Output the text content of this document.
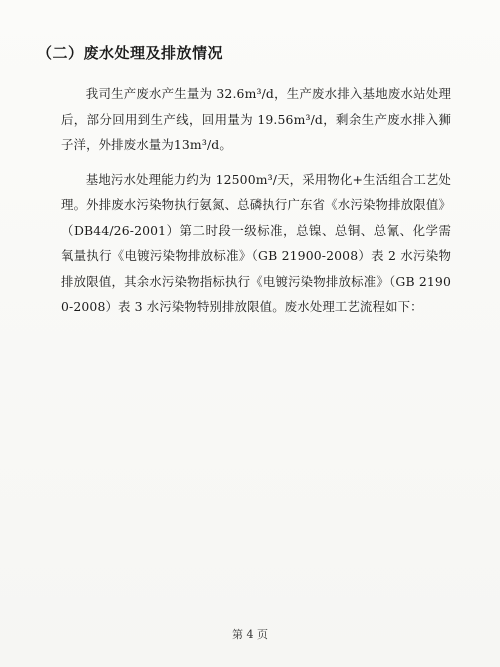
（二）废水处理及排放情况

我司生产废水产生量为 32.6m³/d，生产废水排入基地废水站处理后，部分回用到生产线，回用量为 19.56m³/d，剩余生产废水排入狮子洋，外排废水量为13m³/d。

基地污水处理能力约为 12500m³/天，采用物化+生活组合工艺处理。外排废水污染物执行氨氮、总磷执行广东省《水污染物排放限值》（DB44/26-2001）第二时段一级标准，总镍、总铜、总氰、化学需氧量执行《电镀污染物排放标准》（GB 21900-2008）表 2 水污染物排放限值，其余水污染物指标执行《电镀污染物排放标准》（GB 21900-2008）表 3 水污染物特别排放限值。废水处理工艺流程如下：

第 4 页
